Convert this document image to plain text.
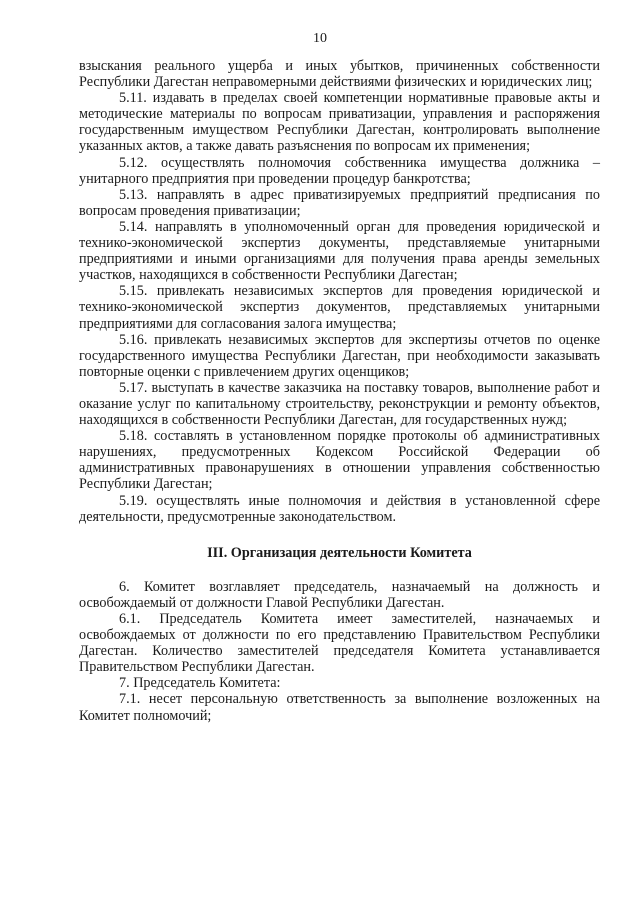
10

взыскания реального ущерба и иных убытков, причиненных собственности Республики Дагестан неправомерными действиями физических и юридических лиц;

5.11. издавать в пределах своей компетенции нормативные правовые акты и методические материалы по вопросам приватизации, управления и распоряжения государственным имуществом Республики Дагестан, контролировать выполнение указанных актов, а также давать разъяснения по вопросам их применения;

5.12. осуществлять полномочия собственника имущества должника – унитарного предприятия при проведении процедур банкротства;

5.13. направлять в адрес приватизируемых предприятий предписания по вопросам проведения приватизации;

5.14. направлять в уполномоченный орган для проведения юридической и технико-экономической экспертиз документы, представляемые унитарными предприятиями и иными организациями для получения права аренды земельных участков, находящихся в собственности Республики Дагестан;

5.15. привлекать независимых экспертов для проведения юридической и технико-экономической экспертиз документов, представляемых унитарными предприятиями для согласования залога имущества;

5.16. привлекать независимых экспертов для экспертизы отчетов по оценке государственного имущества Республики Дагестан, при необходимости заказывать повторные оценки с привлечением других оценщиков;

5.17. выступать в качестве заказчика на поставку товаров, выполнение работ и оказание услуг по капитальному строительству, реконструкции и ремонту объектов, находящихся в собственности Республики Дагестан, для государственных нужд;

5.18. составлять в установленном порядке протоколы об административных нарушениях, предусмотренных Кодексом Российской Федерации об административных правонарушениях в отношении управления собственностью Республики Дагестан;

5.19. осуществлять иные полномочия и действия в установленной сфере деятельности, предусмотренные законодательством.

III. Организация деятельности Комитета

6. Комитет возглавляет председатель, назначаемый на должность и освобождаемый от должности Главой Республики Дагестан.

6.1. Председатель Комитета имеет заместителей, назначаемых и освобождаемых от должности по его представлению Правительством Республики Дагестан. Количество заместителей председателя Комитета устанавливается Правительством Республики Дагестан.

7. Председатель Комитета:

7.1. несет персональную ответственность за выполнение возложенных на Комитет полномочий;
